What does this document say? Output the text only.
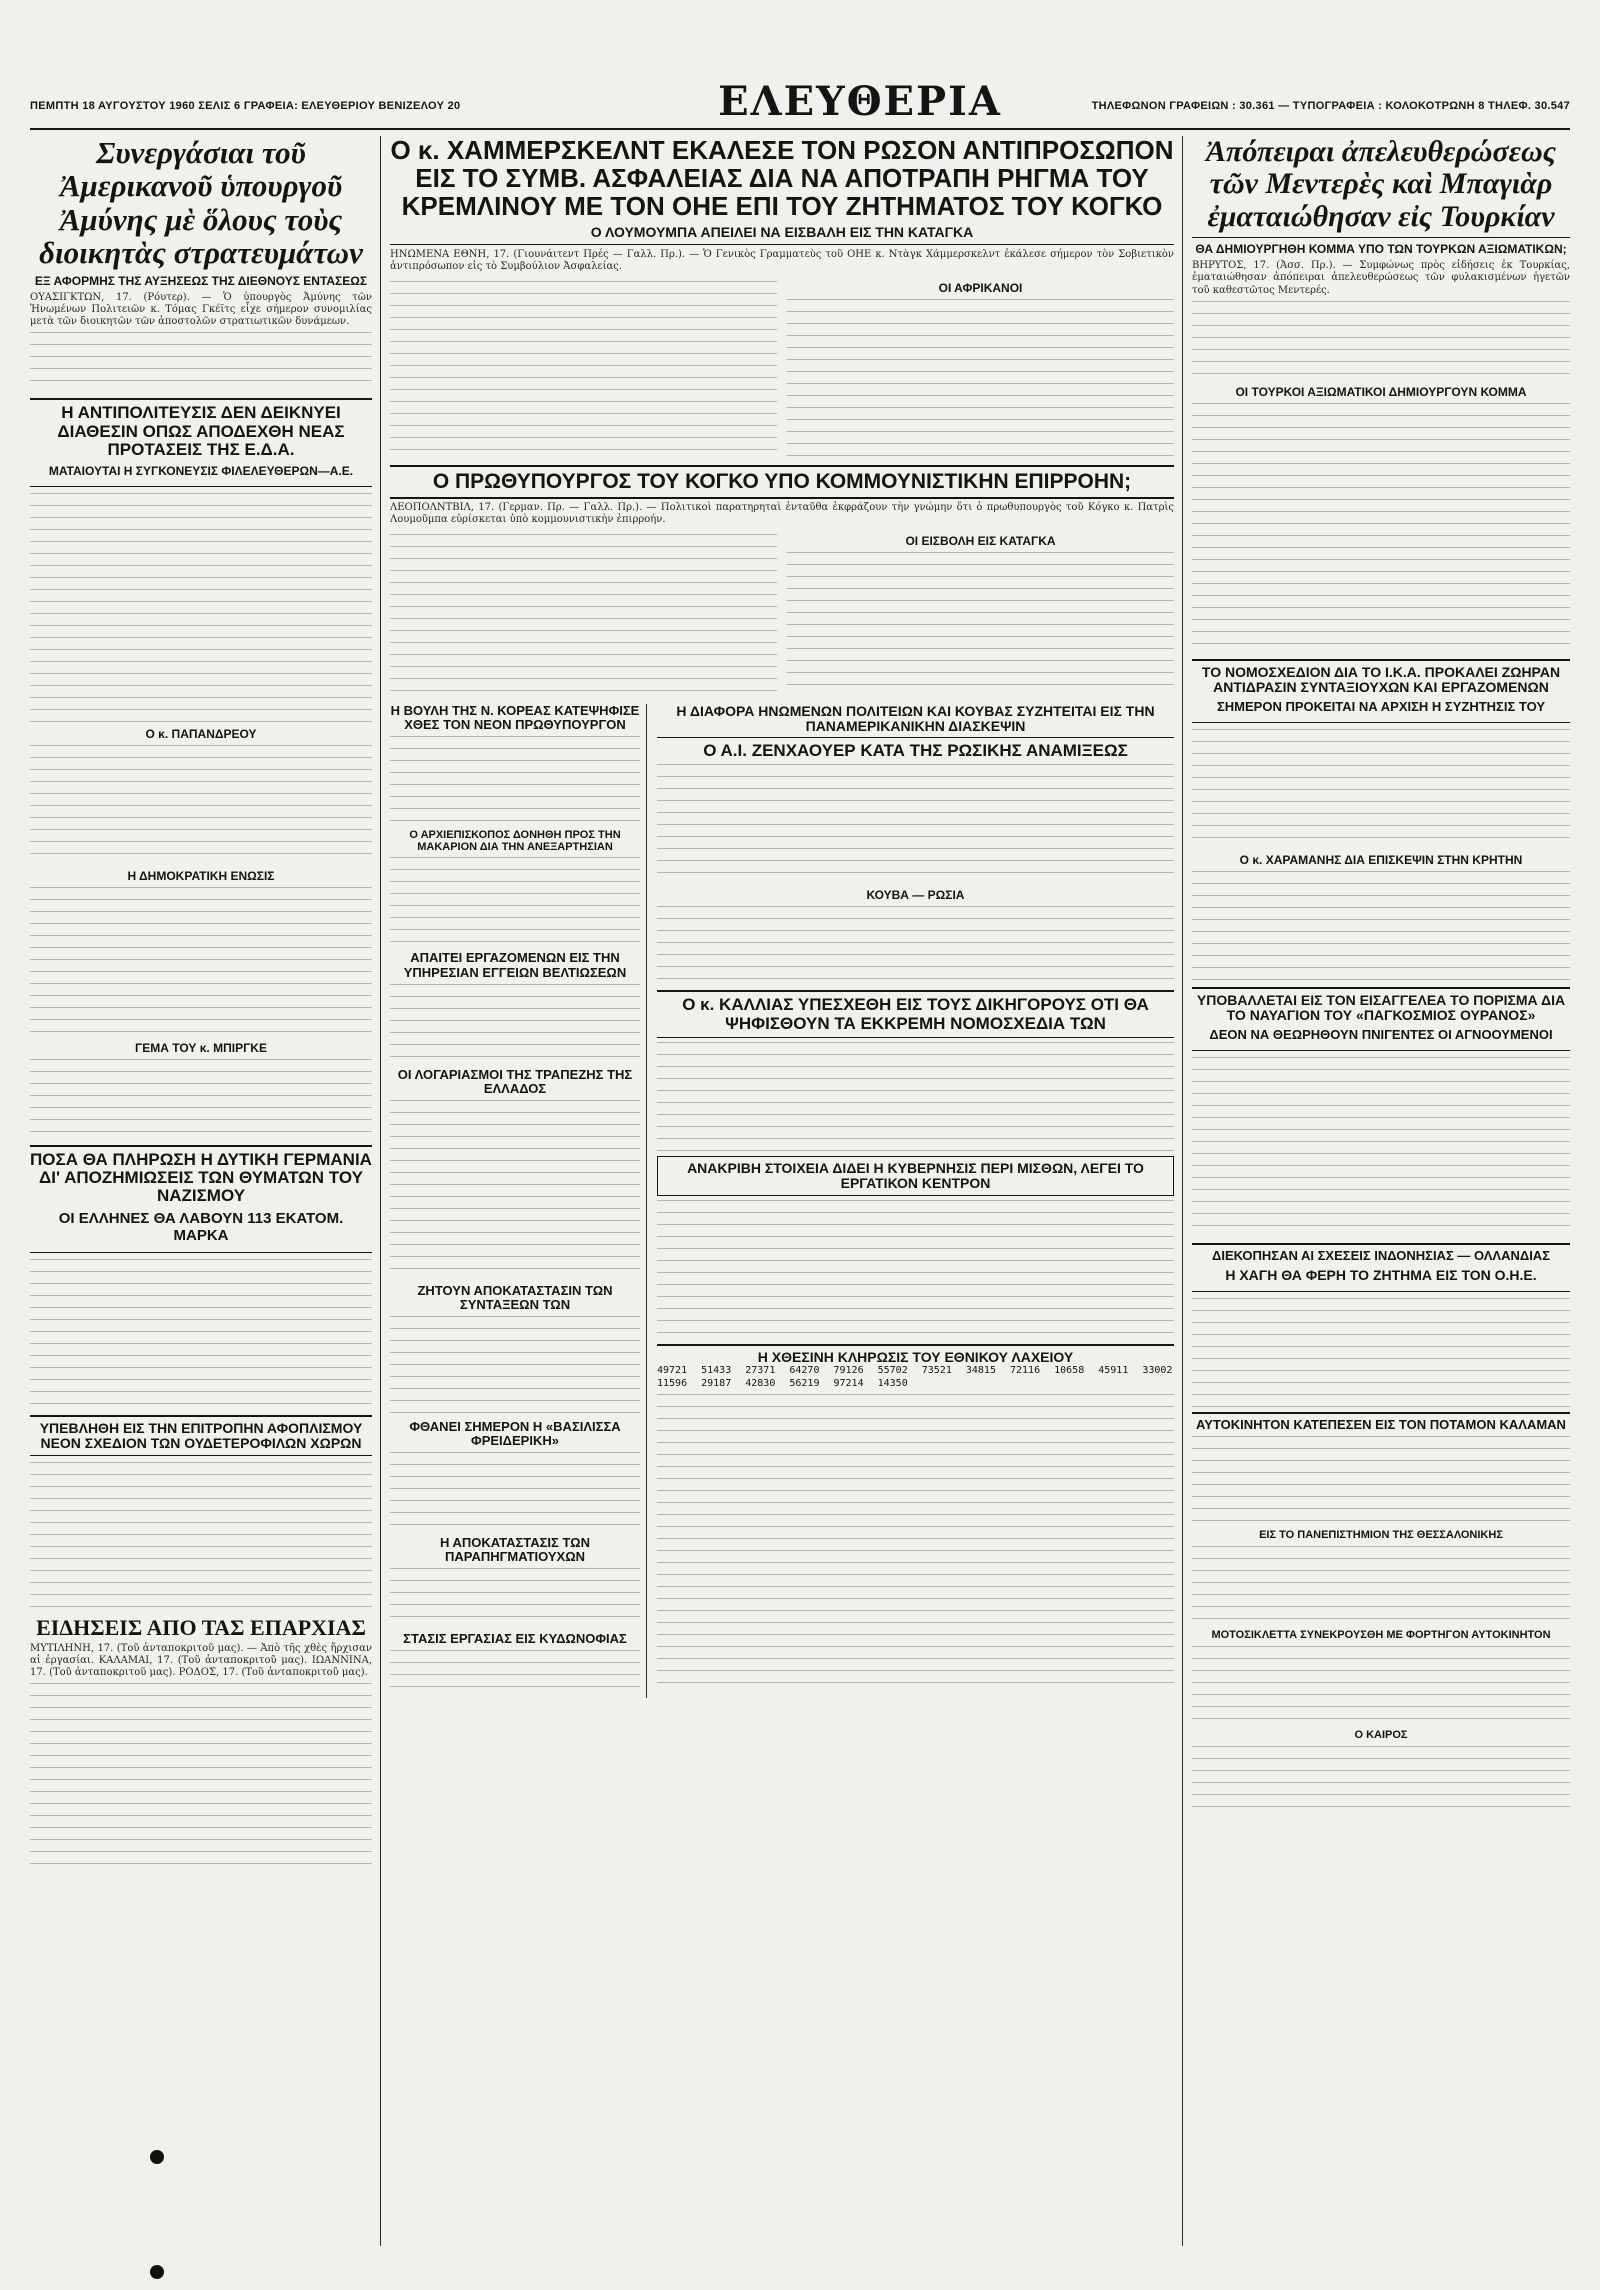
ΠΕΜΠΤΗ 18 ΑΥΓΟΥΣΤΟΥ 1960 ΣΕΛΙΣ 6 ΓΡΑΦΕΙΑ: ΕΛΕΥΘΕΡΙΟΥ ΒΕΝΙΖΕΛΟΥ 20	ΕΛΕΥΘΕΡΙΑ	ΤΗΛΕΦΩΝΟΝ ΓΡΑΦΕΙΩΝ : 30.361 — ΤΥΠΟΓΡΑΦΕΙΑ : ΚΟΛΟΚΟΤΡΩΝΗ 8 ΤΗΛΕΦ. 30.547
Συνεργάσιαι τοῦ Ἀμερικανοῦ ὑπουργοῦ Ἀμύνης μὲ ὅλους τοὺς διοικητὰς στρατευμάτων
ΕΞ ΑΦΟΡΜΗΣ ΤΗΣ ΑΥΞΗΣΕΩΣ ΤΗΣ ΔΙΕΘΝΟΥΣ ΕΝΤΑΣΕΩΣ
ΟΥΑΣΙΓΚΤΩΝ, 17. (Ρόυτερ). — Ὁ ὑπουργὸς Ἀμύνης τῶν Ἡνωμένων Πολιτειῶν κ. Τόμας Γκέϊτς εἶχε σήμερον συνομιλίας μετὰ τῶν διοικητῶν τῶν ἀποστολῶν στρατιωτικῶν δυνάμεων.
Η ΑΝΤΙΠΟΛΙΤΕΥΣΙΣ ΔΕΝ ΔΕΙΚΝΥΕΙ ΔΙΑΘΕΣΙΝ ΟΠΩΣ ΑΠΟΔΕΧΘΗ ΝΕΑΣ ΠΡΟΤΑΣΕΙΣ ΤΗΣ Ε.Δ.Α.
ΜΑΤΑΙΟΥΤΑΙ Η ΣΥΓΚΟΝΕΥΣΙΣ ΦΙΛΕΛΕΥΘΕΡΩΝ—Α.Ε.
Ο κ. ΠΑΠΑΝΔΡΕΟΥ
Η ΔΗΜΟΚΡΑΤΙΚΗ ΕΝΩΣΙΣ
ΓΕΜΑ ΤΟΥ κ. ΜΠΙΡΓΚΕ
ΠΟΣΑ ΘΑ ΠΛΗΡΩΣΗ Η ΔΥΤΙΚΗ ΓΕΡΜΑΝΙΑ ΔΙ' ΑΠΟΖΗΜΙΩΣΕΙΣ ΤΩΝ ΘΥΜΑΤΩΝ ΤΟΥ ΝΑΖΙΣΜΟΥ
ΟΙ ΕΛΛΗΝΕΣ ΘΑ ΛΑΒΟΥΝ 113 ΕΚΑΤΟΜ. ΜΑΡΚΑ
ΥΠΕΒΛΗΘΗ ΕΙΣ ΤΗΝ ΕΠΙΤΡΟΠΗΝ ΑΦΟΠΛΙΣΜΟΥ ΝΕΟΝ ΣΧΕΔΙΟΝ ΤΩΝ ΟΥΔΕΤΕΡΟΦΙΛΩΝ ΧΩΡΩΝ
ΕΙΔΗΣΕΙΣ ΑΠΟ ΤΑΣ ΕΠΑΡΧΙΑΣ
ΜΥΤΙΛΗΝΗ, 17. (Τοῦ ἀνταποκριτοῦ μας). — Ἀπὸ τῆς χθὲς ἤρχισαν αἱ ἐργασίαι. ΚΑΛΑΜΑΙ, 17. (Τοῦ ἀνταποκριτοῦ μας). ΙΩΑΝΝΙΝΑ, 17. (Τοῦ ἀνταποκριτοῦ μας). ΡΟΔΟΣ, 17. (Τοῦ ἀνταποκριτοῦ μας).
Ο κ. ΧΑΜΜΕΡΣΚΕΛΝΤ ΕΚΑΛΕΣΕ ΤΟΝ ΡΩΣΟΝ ΑΝΤΙΠΡΟΣΩΠΟΝ ΕΙΣ ΤΟ ΣΥΜΒ. ΑΣΦΑΛΕΙΑΣ ΔΙΑ ΝΑ ΑΠΟΤΡΑΠΗ ΡΗΓΜΑ ΤΟΥ ΚΡΕΜΛΙΝΟΥ ΜΕ ΤΟΝ ΟΗΕ ΕΠΙ ΤΟΥ ΖΗΤΗΜΑΤΟΣ ΤΟΥ ΚΟΓΚΟ
Ο ΛΟΥΜΟΥΜΠΑ ΑΠΕΙΛΕΙ ΝΑ ΕΙΣΒΑΛΗ ΕΙΣ ΤΗΝ ΚΑΤΑΓΚΑ
ΗΝΩΜΕΝΑ ΕΘΝΗ, 17. (Γιουνάιτεντ Πρές — Γαλλ. Πρ.). — Ὁ Γενικὸς Γραμματεὺς τοῦ ΟΗΕ κ. Ντὰγκ Χάμμερσκελντ ἐκάλεσε σήμερον τὸν Σοβιετικὸν ἀντιπρόσωπον εἰς τὸ Συμβούλιον Ἀσφαλείας.
ΟΙ ΑΦΡΙΚΑΝΟΙ
Ο ΠΡΩΘΥΠΟΥΡΓΟΣ ΤΟΥ ΚΟΓΚΟ ΥΠΟ ΚΟΜΜΟΥΝΙΣΤΙΚΗΝ ΕΠΙΡΡΟΗΝ;
ΛΕΟΠΟΛΝΤΒΙΛ, 17. (Γερμαν. Πρ. — Γαλλ. Πρ.). — Πολιτικοὶ παρατηρηταὶ ἐνταῦθα ἐκφράζουν τὴν γνώμην ὅτι ὁ πρωθυπουργὸς τοῦ Κόγκο κ. Πατρὶς Λουμοῦμπα εὑρίσκεται ὑπὸ κομμουνιστικὴν ἐπιρροήν.
ΟΙ ΕΙΣΒΟΛΗ ΕΙΣ ΚΑΤΑΓΚΑ
Η ΒΟΥΛΗ ΤΗΣ Ν. ΚΟΡΕΑΣ ΚΑΤΕΨΗΦΙΣΕ ΧΘΕΣ ΤΟΝ ΝΕΟΝ ΠΡΩΘΥΠΟΥΡΓΟΝ
Ο ΑΡΧΙΕΠΙΣΚΟΠΟΣ ΔΟΝΗΘΗ ΠΡΟΣ ΤΗΝ ΜΑΚΑΡΙΟΝ ΔΙΑ ΤΗΝ ΑΝΕΞΑΡΤΗΣΙΑΝ
ΑΠΑΙΤΕΙ ΕΡΓΑΖΟΜΕΝΩΝ ΕΙΣ ΤΗΝ ΥΠΗΡΕΣΙΑΝ ΕΓΓΕΙΩΝ ΒΕΛΤΙΩΣΕΩΝ
ΟΙ ΛΟΓΑΡΙΑΣΜΟΙ ΤΗΣ ΤΡΑΠΕΖΗΣ ΤΗΣ ΕΛΛΑΔΟΣ
ΖΗΤΟΥΝ ΑΠΟΚΑΤΑΣΤΑΣΙΝ ΤΩΝ ΣΥΝΤΑΞΕΩΝ ΤΩΝ
ΦΘΑΝΕΙ ΣΗΜΕΡΟΝ Η «ΒΑΣΙΛΙΣΣΑ ΦΡΕΙΔΕΡΙΚΗ»
Η ΑΠΟΚΑΤΑΣΤΑΣΙΣ ΤΩΝ ΠΑΡΑΠΗΓΜΑΤΙΟΥΧΩΝ
ΣΤΑΣΙΣ ΕΡΓΑΣΙΑΣ ΕΙΣ ΚΥΔΩΝΟΦΙΑΣ
Η ΔΙΑΦΟΡΑ ΗΝΩΜΕΝΩΝ ΠΟΛΙΤΕΙΩΝ ΚΑΙ ΚΟΥΒΑΣ ΣΥΖΗΤΕΙΤΑΙ ΕΙΣ ΤΗΝ ΠΑΝΑΜΕΡΙΚΑΝΙΚΗΝ ΔΙΑΣΚΕΨΙΝ
Ο Α.Ι. ΖΕΝΧΑΟΥΕΡ ΚΑΤΑ ΤΗΣ ΡΩΣΙΚΗΣ ΑΝΑΜΙΞΕΩΣ
ΚΟΥΒΑ — ΡΩΣΙΑ
Ο κ. ΚΑΛΛΙΑΣ ΥΠΕΣΧΕΘΗ ΕΙΣ ΤΟΥΣ ΔΙΚΗΓΟΡΟΥΣ ΟΤΙ ΘΑ ΨΗΦΙΣΘΟΥΝ ΤΑ ΕΚΚΡΕΜΗ ΝΟΜΟΣΧΕΔΙΑ ΤΩΝ
ΑΝΑΚΡΙΒΗ ΣΤΟΙΧΕΙΑ ΔΙΔΕΙ Η ΚΥΒΕΡΝΗΣΙΣ ΠΕΡΙ ΜΙΣΘΩΝ, ΛΕΓΕΙ ΤΟ ΕΡΓΑΤΙΚΟΝ ΚΕΝΤΡΟΝ
Η ΧΘΕΣΙΝΗ ΚΛΗΡΩΣΙΣ ΤΟΥ ΕΘΝΙΚΟΥ ΛΑΧΕΙΟΥ
49721 51433 27371 64270 79126 55702 73521 34815 72116 10658 45911 33002 11596 29187 42830 56219 97214 14350
Ἀπόπειραι ἀπελευθερώσεως τῶν Μεντερὲς καὶ Μπαγιὰρ ἐματαιώθησαν εἰς Τουρκίαν
ΘΑ ΔΗΜΙΟΥΡΓΗΘΗ ΚΟΜΜΑ ΥΠΟ ΤΩΝ ΤΟΥΡΚΩΝ ΑΞΙΩΜΑΤΙΚΩΝ;
ΒΗΡΥΤΟΣ, 17. (Ἀσσ. Πρ.). — Συμφώνως πρὸς εἰδήσεις ἐκ Τουρκίας, ἐματαιώθησαν ἀπόπειραι ἀπελευθερώσεως τῶν φυλακισμένων ἡγετῶν τοῦ καθεστῶτος Μεντερές.
ΟΙ ΤΟΥΡΚΟΙ ΑΞΙΩΜΑΤΙΚΟΙ ΔΗΜΙΟΥΡΓΟΥΝ ΚΟΜΜΑ
ΤΟ ΝΟΜΟΣΧΕΔΙΟΝ ΔΙΑ ΤΟ Ι.Κ.Α. ΠΡΟΚΑΛΕΙ ΖΩΗΡΑΝ ΑΝΤΙΔΡΑΣΙΝ ΣΥΝΤΑΞΙΟΥΧΩΝ ΚΑΙ ΕΡΓΑΖΟΜΕΝΩΝ
ΣΗΜΕΡΟΝ ΠΡΟΚΕΙΤΑΙ ΝΑ ΑΡΧΙΣΗ Η ΣΥΖΗΤΗΣΙΣ ΤΟΥ
Ο κ. ΧΑΡΑΜΑΝΗΣ ΔΙΑ ΕΠΙΣΚΕΨΙΝ ΣΤΗΝ ΚΡΗΤΗΝ
ΥΠΟΒΑΛΛΕΤΑΙ ΕΙΣ ΤΟΝ ΕΙΣΑΓΓΕΛΕΑ ΤΟ ΠΟΡΙΣΜΑ ΔΙΑ ΤΟ ΝΑΥΑΓΙΟΝ ΤΟΥ «ΠΑΓΚΟΣΜΙΟΣ ΟΥΡΑΝΟΣ»
ΔΕΟΝ ΝΑ ΘΕΩΡΗΘΟΥΝ ΠΝΙΓΕΝΤΕΣ ΟΙ ΑΓΝΟΟΥΜΕΝΟΙ
ΔΙΕΚΟΠΗΣΑΝ ΑΙ ΣΧΕΣΕΙΣ ΙΝΔΟΝΗΣΙΑΣ — ΟΛΛΑΝΔΙΑΣ
Η ΧΑΓΗ ΘΑ ΦΕΡΗ ΤΟ ΖΗΤΗΜΑ ΕΙΣ ΤΟΝ Ο.Η.Ε.
ΑΥΤΟΚΙΝΗΤΟΝ ΚΑΤΕΠΕΣΕΝ ΕΙΣ ΤΟΝ ΠΟΤΑΜΟΝ ΚΑΛΑΜΑΝ
ΕΙΣ ΤΟ ΠΑΝΕΠΙΣΤΗΜΙΟΝ ΤΗΣ ΘΕΣΣΑΛΟΝΙΚΗΣ
ΜΟΤΟΣΙΚΛΕΤΤΑ ΣΥΝΕΚΡΟΥΣΘΗ ΜΕ ΦΟΡΤΗΓΟΝ ΑΥΤΟΚΙΝΗΤΟΝ
Ο ΚΑΙΡΟΣ
